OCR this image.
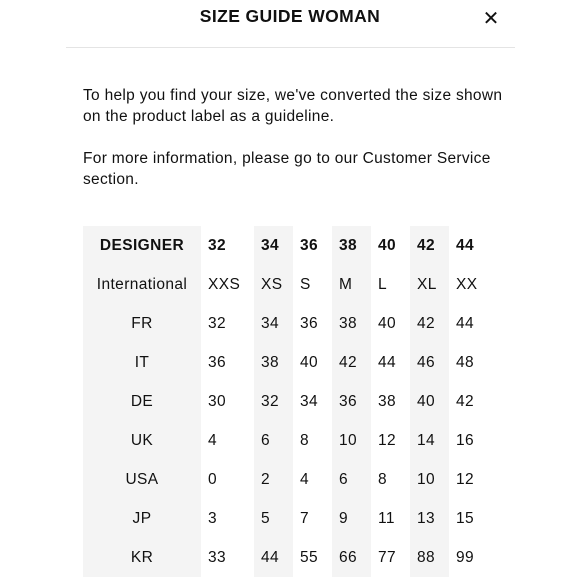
SIZE GUIDE WOMAN	✕

To help you find your size, we've converted the size shown on the product label as a guideline.

For more information, please go to our Customer Service section.

DESIGNER	32	34	36	38	40	42	44
International	XXS	XS	S	M	L	XL	XX
FR	32	34	36	38	40	42	44
IT	36	38	40	42	44	46	48
DE	30	32	34	36	38	40	42
UK	4	6	8	10	12	14	16
USA	0	2	4	6	8	10	12
JP	3	5	7	9	11	13	15
KR	33	44	55	66	77	88	99
